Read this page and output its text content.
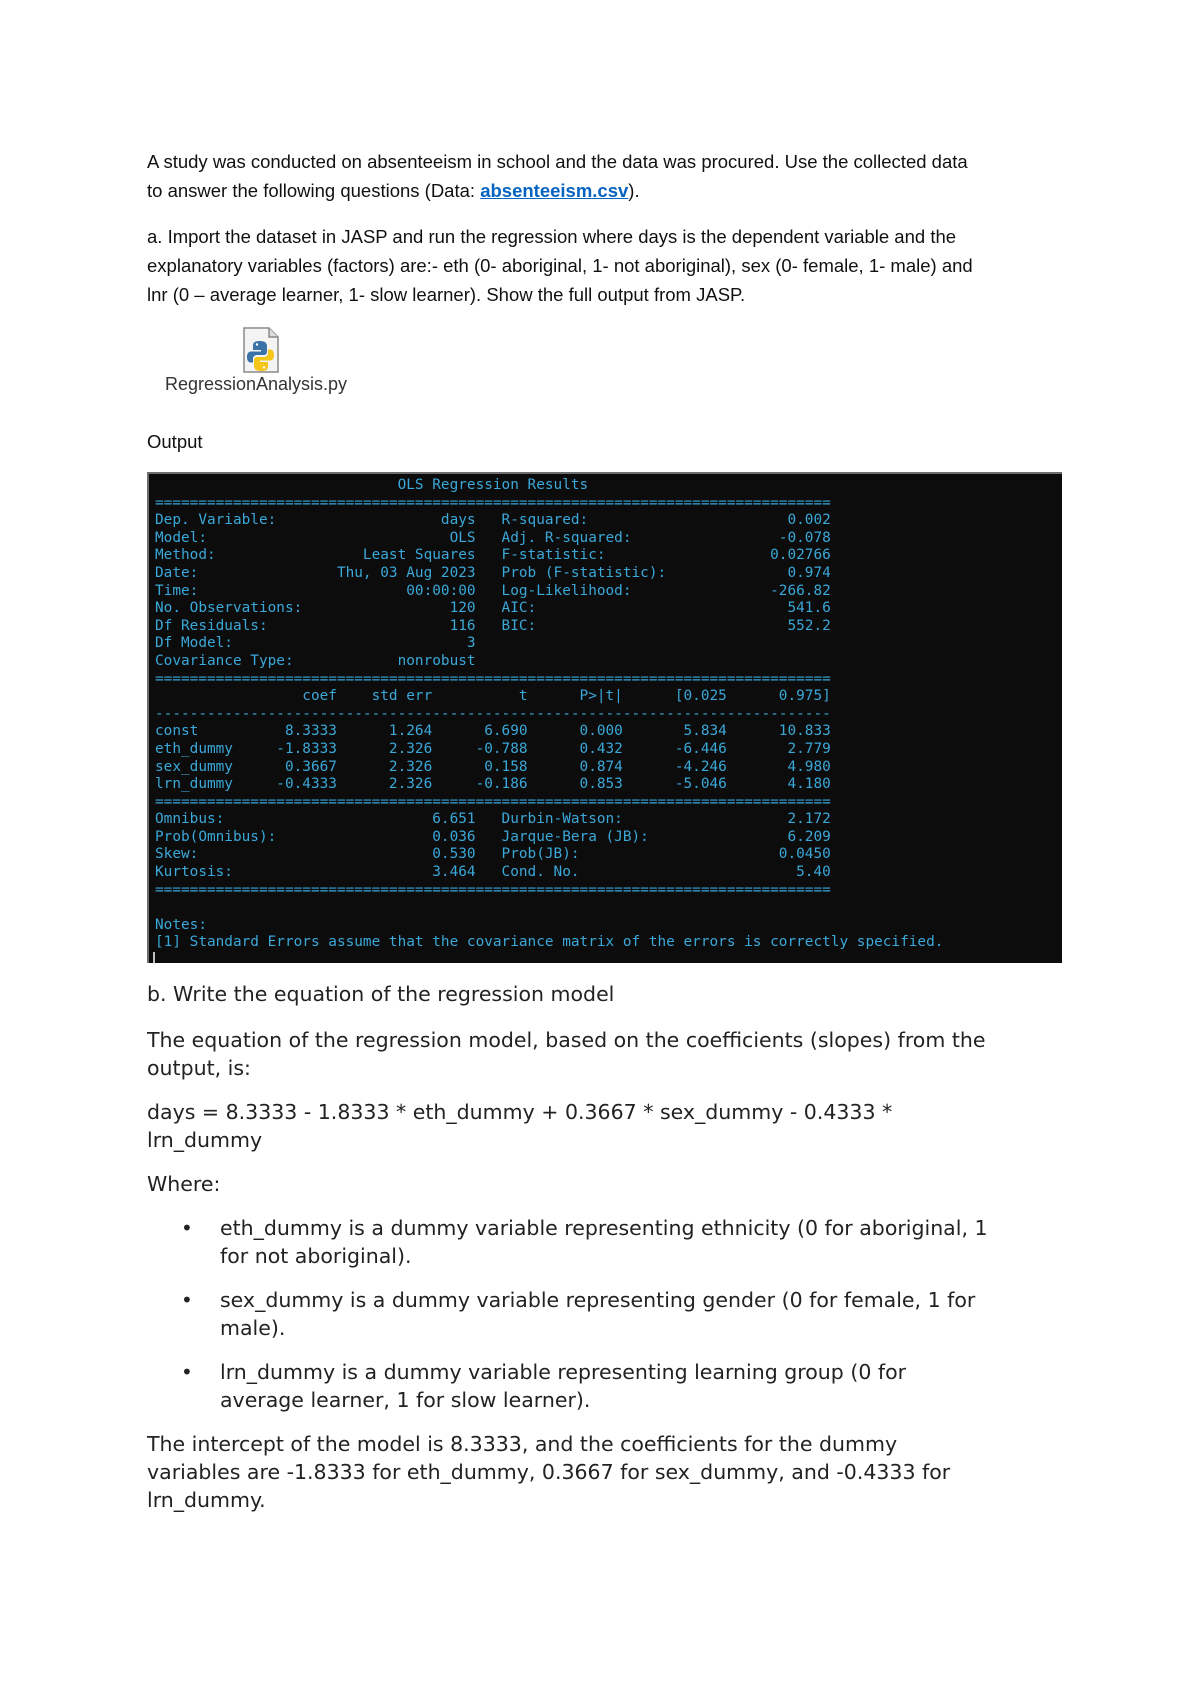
A study was conducted on absenteeism in school and the data was procured. Use the collected data
to answer the following questions (Data: absenteeism.csv).

a. Import the dataset in JASP and run the regression where days is the dependent variable and the
explanatory variables (factors) are:- eth (0- aboriginal, 1- not aboriginal), sex (0- female, 1- male) and
lnr (0 – average learner, 1- slow learner). Show the full output from JASP.

RegressionAnalysis.py

Output

OLS Regression Results
==============================================================================
Dep. Variable:                   days   R-squared:                       0.002
Model:                            OLS   Adj. R-squared:                 -0.078
Method:                 Least Squares   F-statistic:                   0.02766
Date:                Thu, 03 Aug 2023   Prob (F-statistic):              0.974
Time:                        00:00:00   Log-Likelihood:                -266.82
No. Observations:                 120   AIC:                             541.6
Df Residuals:                     116   BIC:                             552.2
Df Model:                           3
Covariance Type:            nonrobust
==============================================================================
coef    std err          t      P>|t|      [0.025      0.975]
------------------------------------------------------------------------------
const          8.3333      1.264      6.690      0.000       5.834      10.833
eth_dummy     -1.8333      2.326     -0.788      0.432      -6.446       2.779
sex_dummy      0.3667      2.326      0.158      0.874      -4.246       4.980
lrn_dummy     -0.4333      2.326     -0.186      0.853      -5.046       4.180
==============================================================================
Omnibus:                        6.651   Durbin-Watson:                   2.172
Prob(Omnibus):                  0.036   Jarque-Bera (JB):                6.209
Skew:                           0.530   Prob(JB):                       0.0450
Kurtosis:                       3.464   Cond. No.                         5.40
==============================================================================

Notes:
[1] Standard Errors assume that the covariance matrix of the errors is correctly specified.

b. Write the equation of the regression model

The equation of the regression model, based on the coefficients (slopes) from the
output, is:

days = 8.3333 - 1.8333 * eth_dummy + 0.3667 * sex_dummy - 0.4333 *
lrn_dummy

Where:

•	eth_dummy is a dummy variable representing ethnicity (0 for aboriginal, 1
for not aboriginal).

•	sex_dummy is a dummy variable representing gender (0 for female, 1 for
male).

•	lrn_dummy is a dummy variable representing learning group (0 for
average learner, 1 for slow learner).

The intercept of the model is 8.3333, and the coefficients for the dummy
variables are -1.8333 for eth_dummy, 0.3667 for sex_dummy, and -0.4333 for
lrn_dummy.
